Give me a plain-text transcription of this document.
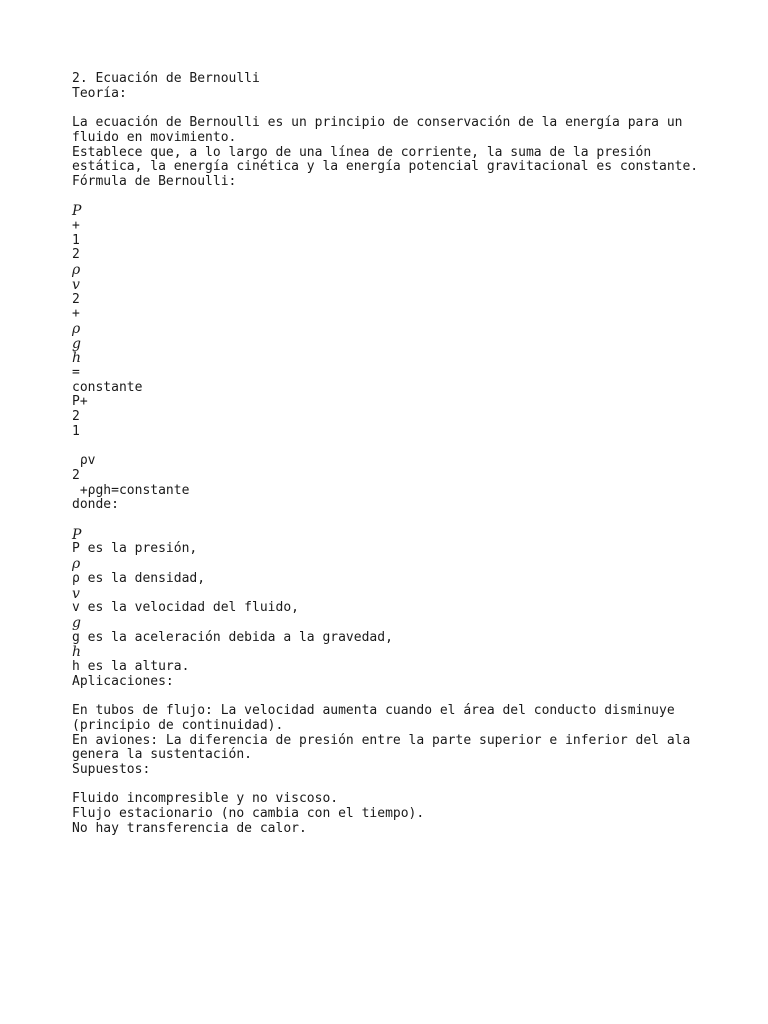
2. Ecuación de Bernoulli
Teoría:
La ecuación de Bernoulli es un principio de conservación de la energía para un fluido en movimiento.
Establece que, a lo largo de una línea de corriente, la suma de la presión estática, la energía cinética y la energía potencial gravitacional es constante.
Fórmula de Bernoulli:
P
+
1
2
ρ
v
2
+
ρ
g
h
=
constante
P+
2
1
ρv
2
+ρgh=constante
donde:
P
P es la presión,
ρ
ρ es la densidad,
v
v es la velocidad del fluido,
g
g es la aceleración debida a la gravedad,
h
h es la altura.
Aplicaciones:
En tubos de flujo: La velocidad aumenta cuando el área del conducto disminuye (principio de continuidad).
En aviones: La diferencia de presión entre la parte superior e inferior del ala genera la sustentación.
Supuestos:
Fluido incompresible y no viscoso.
Flujo estacionario (no cambia con el tiempo).
No hay transferencia de calor.
